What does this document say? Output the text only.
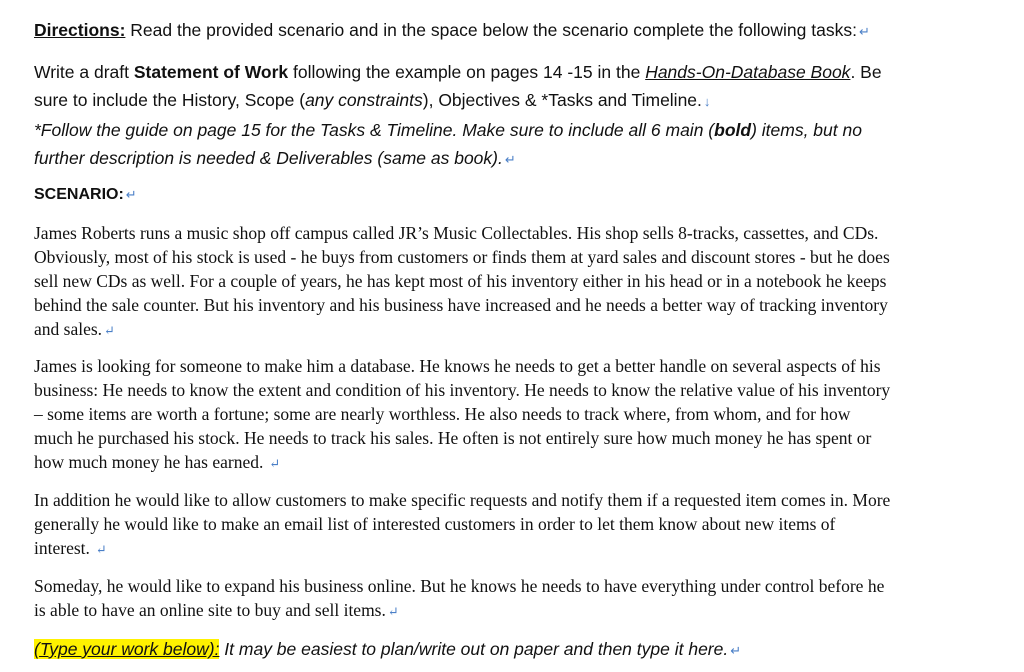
Directions: Read the provided scenario and in the space below the scenario complete the following tasks: ↵
Write a draft Statement of Work following the example on pages 14 -15 in the Hands-On-Database Book. Be
sure to include the History, Scope (any constraints), Objectives & *Tasks and Timeline. ↓
*Follow the guide on page 15 for the Tasks & Timeline. Make sure to include all 6 main (bold) items, but no
further description is needed & Deliverables (same as book). ↵
SCENARIO: ↵
James Roberts runs a music shop off campus called JR’s Music Collectables. His shop sells 8-tracks, cassettes, and CDs.
Obviously, most of his stock is used - he buys from customers or finds them at yard sales and discount stores - but he does
sell new CDs as well. For a couple of years, he has kept most of his inventory either in his head or in a notebook he keeps
behind the sale counter. But his inventory and his business have increased and he needs a better way of tracking inventory
and sales. ↵
James is looking for someone to make him a database. He knows he needs to get a better handle on several aspects of his
business: He needs to know the extent and condition of his inventory. He needs to know the relative value of his inventory
– some items are worth a fortune; some are nearly worthless. He also needs to track where, from whom, and for how
much he purchased his stock. He needs to track his sales. He often is not entirely sure how much money he has spent or
how much money he has earned. ↵
In addition he would like to allow customers to make specific requests and notify them if a requested item comes in. More
generally he would like to make an email list of interested customers in order to let them know about new items of
interest. ↵
Someday, he would like to expand his business online. But he knows he needs to have everything under control before he
is able to have an online site to buy and sell items. ↵
(Type your work below): It may be easiest to plan/write out on paper and then type it here. ↵
